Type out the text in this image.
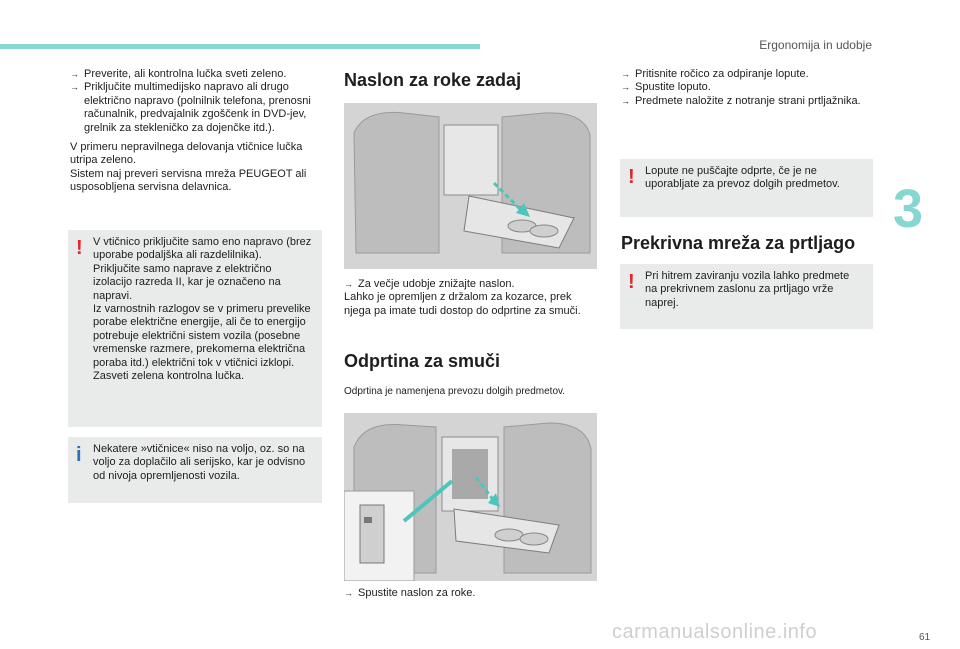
Ergonomija in udobje
3
→ Preverite, ali kontrolna lučka sveti zeleno.
→ Priključite multimedijsko napravo ali drugo električno napravo (polnilnik telefona, prenosni računalnik, predvajalnik zgoščenk in DVD-jev, grelnik za stekleničko za dojenčke itd.).
V primeru nepravilnega delovanja vtičnice lučka utripa zeleno.
Sistem naj preveri servisna mreža PEUGEOT ali usposobljena servisna delavnica.
! V vtičnico priključite samo eno napravo (brez uporabe podaljška ali razdelilnika).
Priključite samo naprave z električno izolacijo razreda II, kar je označeno na napravi.
Iz varnostnih razlogov se v primeru prevelike porabe električne energije, ali če to energijo potrebuje električni sistem vozila (posebne vremenske razmere, prekomerna električna poraba itd.) električni tok v vtičnici izklopi. Zasveti zelena kontrolna lučka.
i	Nekatere »vtičnice« niso na voljo, oz. so na voljo za doplačilo ali serijsko, kar je odvisno od nivoja opremljenosti vozila.
Naslon za roke zadaj
→ Za večje udobje znižajte naslon.
Lahko je opremljen z držalom za kozarce, prek njega pa imate tudi dostop do odprtine za smuči.
Odprtina za smuči
Odprtina je namenjena prevozu dolgih predmetov.
→ Spustite naslon za roke.
→ Pritisnite ročico za odpiranje lopute.
→ Spustite loputo.
→ Predmete naložite z notranje strani prtljažnika.
! Lopute ne puščajte odprte, če je ne uporabljate za prevoz dolgih predmetov.
Prekrivna mreža za prtljago
! Pri hitrem zaviranju vozila lahko predmete na prekrivnem zaslonu za prtljago vrže naprej.
61
carmanualsonline.info
